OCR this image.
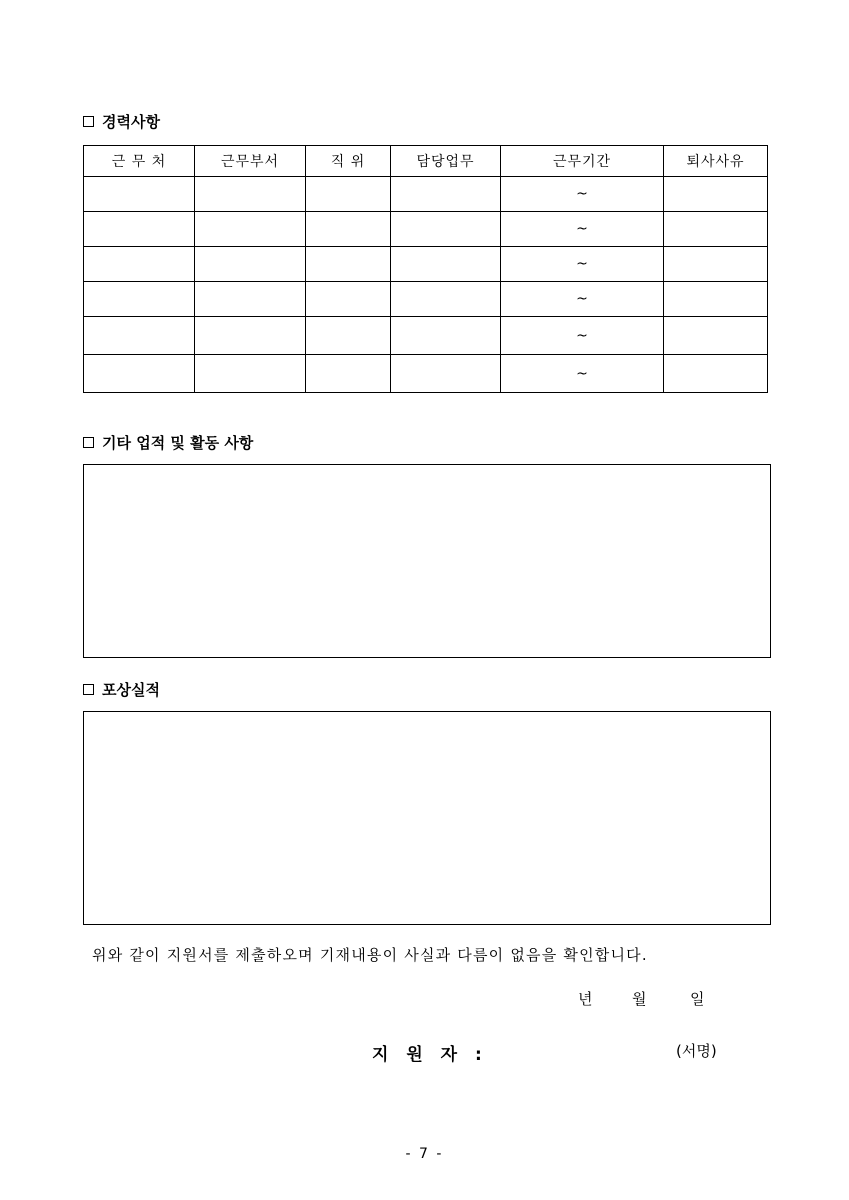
경력사항
근 무 처	근무부서	직 위	담당업무	근무기간	퇴사사유
				~	
				~	
				~	
				~	
				~	
				~	
기타 업적 및 활동 사항
포상실적
위와 같이 지원서를 제출하오며 기재내용이 사실과 다름이 없음을 확인합니다.
년	월	일
지 원 자 :	(서명)
- 7 -
